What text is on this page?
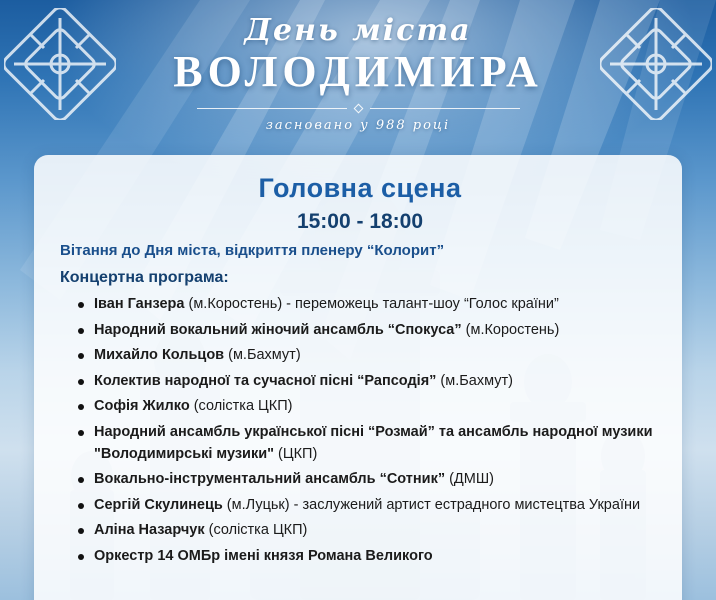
День міста

ВОЛОДИМИРА

засновано у 988 році

Головна сцена
15:00 - 18:00
Вітання до Дня міста, відкриття пленеру “Колорит”
Концертна програма:
Іван Ганзера (м.Коростень) - переможець талант-шоу “Голос країни”
Народний вокальний жіночий ансамбль “Спокуса” (м.Коростень)
Михайло Кольцов (м.Бахмут)
Колектив народної та сучасної пісні “Рапсодія” (м.Бахмут)
Софія Жилко (солістка ЦКП)
Народний ансамбль української пісні “Розмай” та ансамбль народної музики "Володимирські музики" (ЦКП)
Вокально-інструментальний ансамбль “Сотник” (ДМШ)
Сергій Скулинець (м.Луцьк) - заслужений артист естрадного мистецтва України
Аліна Назарчук (солістка ЦКП)
Оркестр 14 ОМБр імені князя Романа Великого
